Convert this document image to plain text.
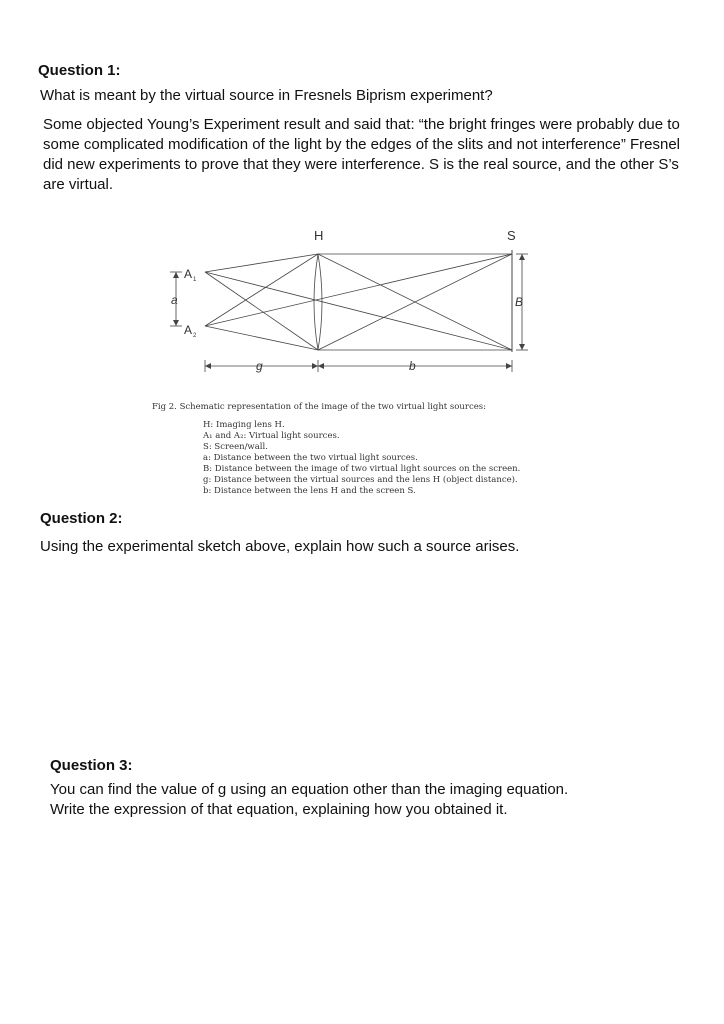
Question 1:
What is meant by the virtual source in Fresnels Biprism experiment?
Some objected Young’s Experiment result and said that: “the bright fringes were probably due to some complicated modification of the light by the edges of the slits and not interference” Fresnel did new experiments to prove that they were interference. S is the real source, and the other S’s are virtual.
H	S
A 1
A 2
a	B
g	b
Fig 2. Schematic representation of the image of the two virtual light sources:
H: Imaging lens H.
A₁ and A₂: Virtual light sources.
S: Screen/wall.
a: Distance between the two virtual light sources.
B: Distance between the image of two virtual light sources on the screen.
g: Distance between the virtual sources and the lens H (object distance).
b: Distance between the lens H and the screen S.
Question 2:
Using the experimental sketch above, explain how such a source arises.
Question 3:
You can find the value of g using an equation other than the imaging equation.
Write the expression of that equation, explaining how you obtained it.
